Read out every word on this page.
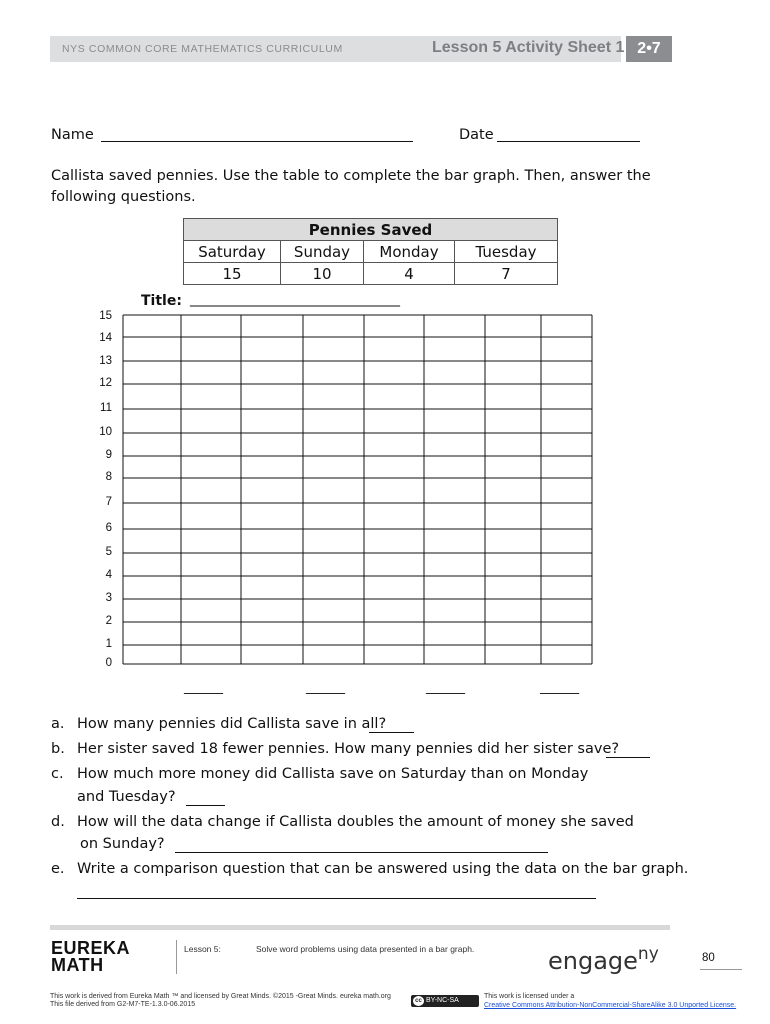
NYS COMMON CORE MATHEMATICS CURRICULUM	Lesson 5 Activity Sheet 1 2•7
Name	Date
Callista saved pennies. Use the table to complete the bar graph. Then, answer the
following questions.
Pennies Saved			
Saturday	Sunday	Monday	Tuesday
15	10	4	7
Title: ______________________________
15
14
13
12
11
10
9
8
7
6
5
4
3
2
1
0
______	______	______	______
a. How many pennies did Callista save in all?
b. Her sister saved 18 fewer pennies. How many pennies did her sister save?
c. How much more money did Callista save on Saturday than on Monday
and Tuesday?
d. How will the data change if Callista doubles the amount of money she saved
on Sunday?
e. Write a comparison question that can be answered using the data on the bar graph.
EUREKA
MATH
Lesson 5:	Solve word problems using data presented in a bar graph.	engage$^{ny}$	80
This work is derived from Eureka Math ™ and licensed by Great Minds. ©2015 -Great Minds. eureka math.org
This file derived from G2-M7-TE-1.3.0-06.2015	cc BY-NC-SA
This work is licensed under a
Creative Commons Attribution-NonCommercial-ShareAlike 3.0 Unported License.
